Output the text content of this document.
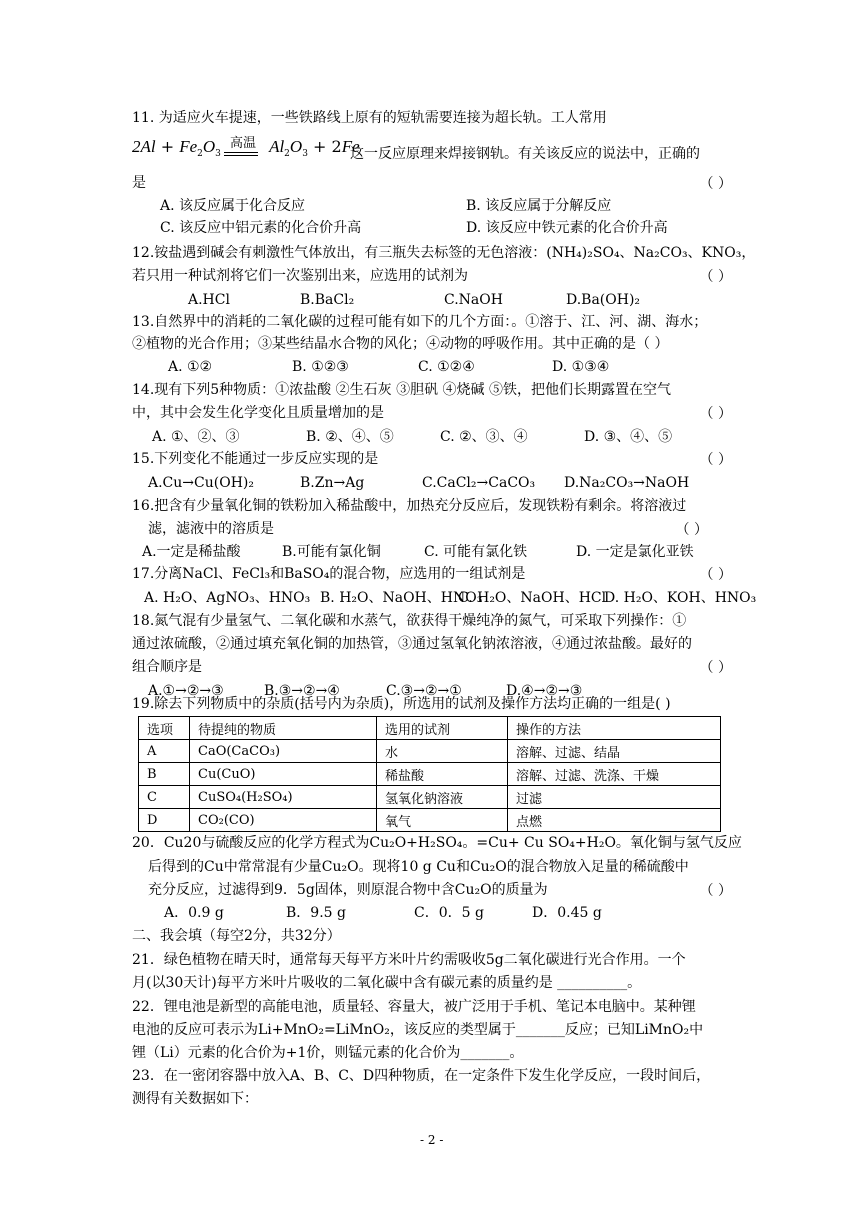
11. 为适应火车提速，一些铁路线上原有的短轨需要连接为超长轨。工人常用
$2Al + Fe_2O_3$	$Al_2O_3 + 2Fe$
高温
这一反应原理来焊接钢轨。有关该反应的说法中，正确的
是	（ ）
A. 该反应属于化合反应	B. 该反应属于分解反应
C. 该反应中铝元素的化合价升高	D. 该反应中铁元素的化合价升高
12.铵盐遇到碱会有刺激性气体放出，有三瓶失去标签的无色溶液：(NH₄)₂SO₄、Na₂CO₃、KNO₃，
若只用一种试剂将它们一次鉴别出来，应选用的试剂为	（ ）
A.HCl	B.BaCl₂	C.NaOH	D.Ba(OH)₂
13.自然界中的消耗的二氧化碳的过程可能有如下的几个方面：。①溶于、江、河、湖、海水；
②植物的光合作用；③某些结晶水合物的风化；④动物的呼吸作用。其中正确的是（ ）
A. ①②	B. ①②③	C. ①②④	D. ①③④
14.现有下列5种物质：①浓盐酸 ②生石灰 ③胆矾 ④烧碱 ⑤铁，把他们长期露置在空气
中，其中会发生化学变化且质量增加的是	（ ）
A. ①、②、③	B. ②、④、⑤	C. ②、③、④	D. ③、④、⑤
15.下列变化不能通过一步反应实现的是	（ ）
A.Cu→Cu(OH)₂	B.Zn→Ag	C.CaCl₂→CaCO₃ D.Na₂CO₃→NaOH
16.把含有少量氧化铜的铁粉加入稀盐酸中，加热充分反应后，发现铁粉有剩余。将溶液过
滤，滤液中的溶质是	（ ）
A.一定是稀盐酸	B.可能有氯化铜	C. 可能有氯化铁	D. 一定是氯化亚铁
17.分离NaCl、FeCl₃和BaSO₄的混合物，应选用的一组试剂是	（ ）
A. H₂O、AgNO₃、HNO₃ B. H₂O、NaOH、HNO₃
C. H₂O、NaOH、HCl
D. H₂O、KOH、HNO₃
18.氮气混有少量氢气、二氧化碳和水蒸气，欲获得干燥纯净的氮气，可采取下列操作：①
通过浓硫酸，②通过填充氧化铜的加热管，③通过氢氧化钠浓溶液，④通过浓盐酸。最好的
组合顺序是	（ ）
A.①→②→③	B.③→②→④	C.③→②→①	D.④→②→③
19.除去下列物质中的杂质(括号内为杂质)，所选用的试剂及操作方法均正确的一组是( )
选项	待提纯的物质	选用的试剂	操作的方法
A	CaO(CaCO₃)	水	溶解、过滤、结晶
B	Cu(CuO)	稀盐酸	溶解、过滤、洗涤、干燥
C	CuSO₄(H₂SO₄)	氢氧化钠溶液	过滤
D	CO₂(CO)	氧气	点燃
20．Cu20与硫酸反应的化学方程式为Cu₂O+H₂SO₄。=Cu+ Cu SO₄+H₂O。氧化铜与氢气反应
后得到的Cu中常常混有少量Cu₂O。现将10 g Cu和Cu₂O的混合物放入足量的稀硫酸中
充分反应，过滤得到9．5g固体，则原混合物中含Cu₂O的质量为	（ ）
A．0.9 g	B．9.5 g	C．0．5 g	D．0.45 g
二、我会填（每空2分，共32分）
21．绿色植物在晴天时，通常每天每平方米叶片约需吸收5g二氧化碳进行光合作用。一个
月(以30天计)每平方米叶片吸收的二氧化碳中含有碳元素的质量约是 __________。
22．锂电池是新型的高能电池，质量轻、容量大，被广泛用于手机、笔记本电脑中。某种锂
电池的反应可表示为Li+MnO₂=LiMnO₂，该反应的类型属于_______反应；已知LiMnO₂中
锂（Li）元素的化合价为+1价，则锰元素的化合价为_______。
23．在一密闭容器中放入A、B、C、D四种物质，在一定条件下发生化学反应，一段时间后，
测得有关数据如下：
- 2 -
